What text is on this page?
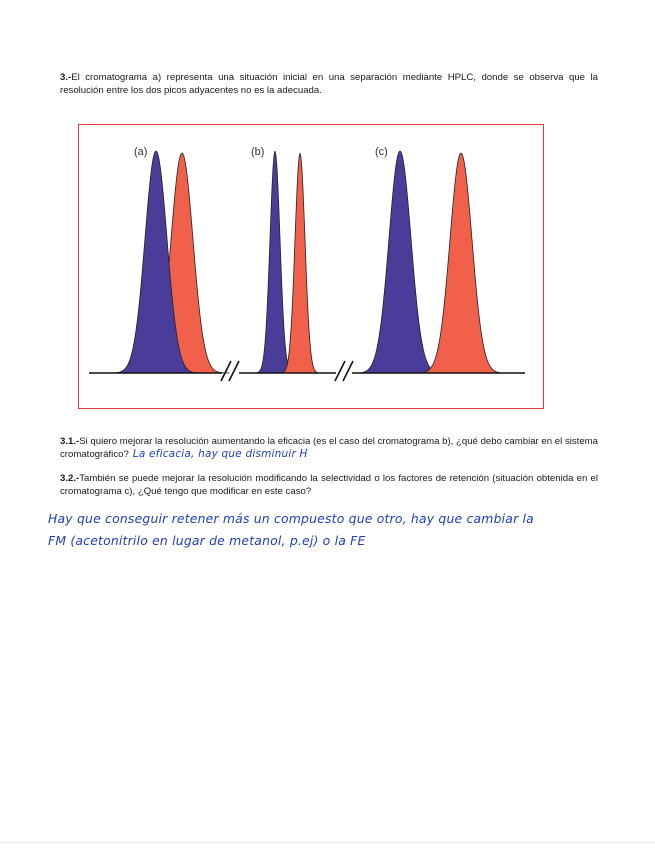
3.-El cromatograma a) representa una situación inicial en una separación mediante HPLC, donde se observa que la resolución entre los dos picos adyacentes no es la adecuada.
(a)	(b)	(c)
3.1.-Si quiero mejorar la resolución aumentando la eficacia (es el caso del cromatograma b), ¿qué debo cambiar en el sistema cromatográfico? La eficacia, hay que disminuir H
3.2.-También se puede mejorar la resolución modificando la selectividad o los factores de retención (situación obtenida en el cromatograma c), ¿Qué tengo que modificar en este caso?
Hay que conseguir retener más un compuesto que otro, hay que cambiar la
FM (acetonitrilo en lugar de metanol, p.ej) o la FE
